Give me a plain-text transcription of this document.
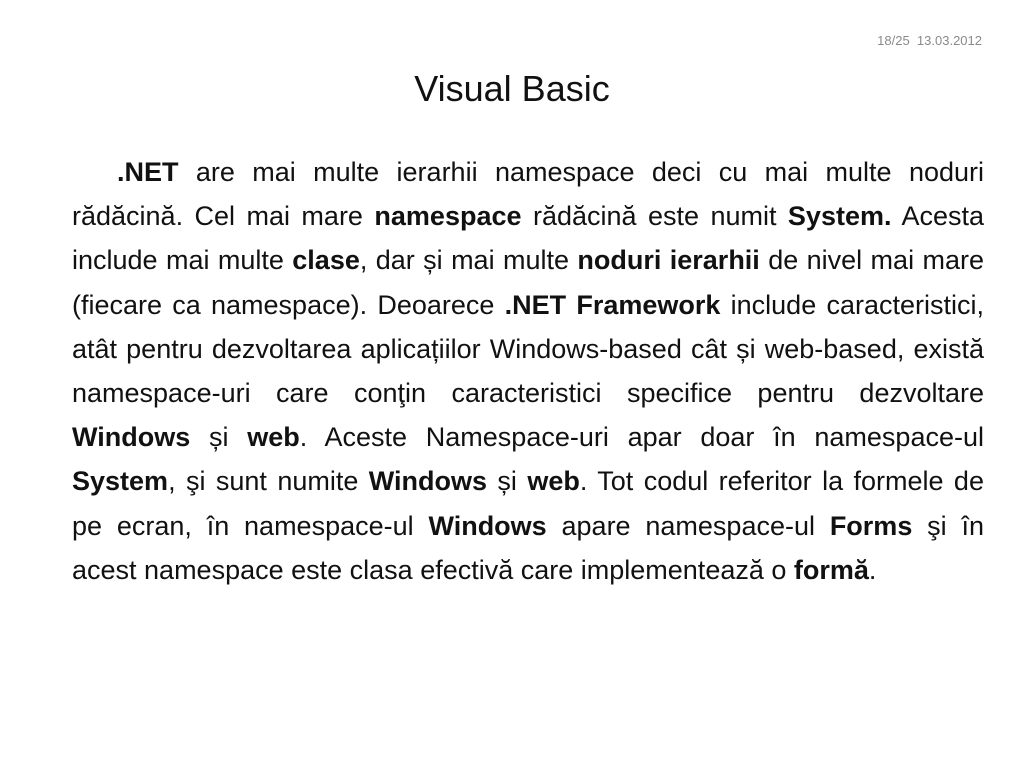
18/25 13.03.2012
Visual Basic

.NET are mai multe ierarhii namespace deci cu mai multe noduri rădăcină. Cel mai mare namespace rădăcină este numit System. Acesta include mai multe clase, dar și mai multe noduri ierarhii de nivel mai mare (fiecare ca namespace). Deoarece .NET Framework include caracteristici, atât pentru dezvoltarea aplicațiilor Windows-based cât și web-based, există namespace-uri care conţin caracteristici specifice pentru dezvoltare Windows și web. Aceste Namespace-uri apar doar în namespace-ul System, şi sunt numite Windows și web. Tot codul referitor la formele de pe ecran, în namespace-ul Windows apare namespace-ul Forms şi în acest namespace este clasa efectivă care implementează o formă.
